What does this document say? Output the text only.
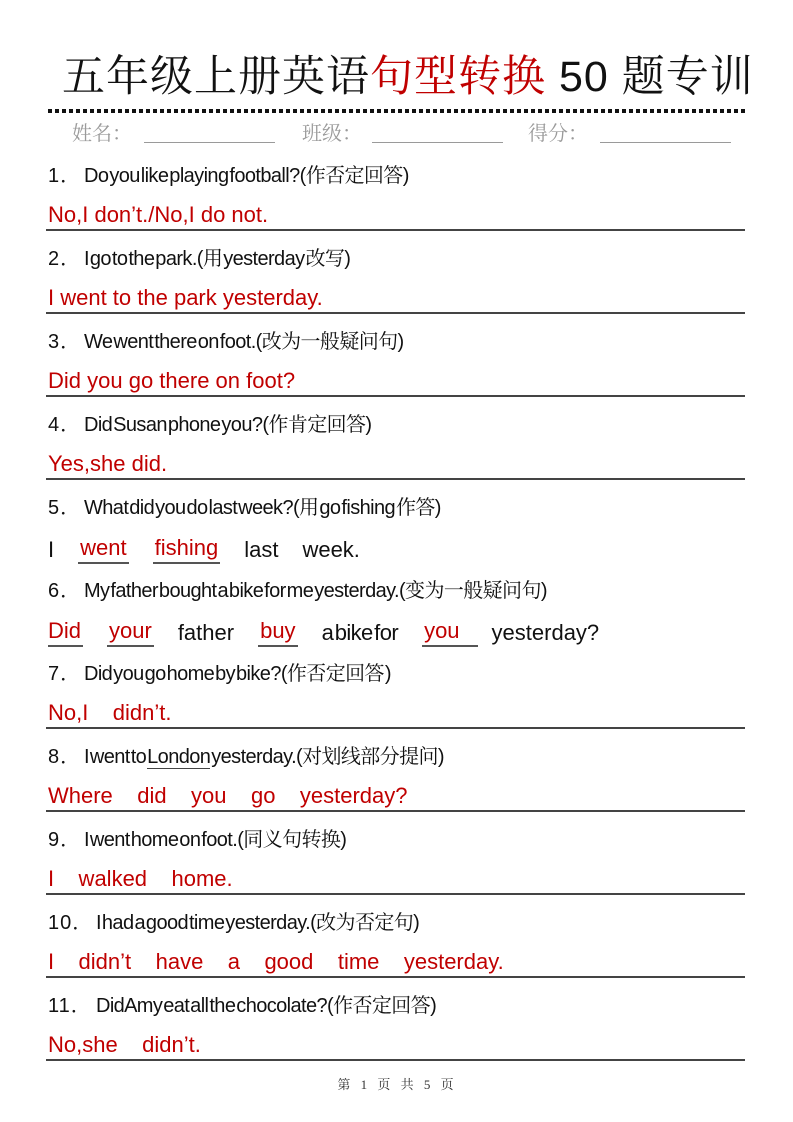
五年级上册英语句型转换 50 题专训
姓名：	班级：	得分：
1． Do you like playing football?(作否定回答)
No,I don’t./No,I do not.
2． I go to the park.(用 yesterday 改写)
I went to the park yesterday.
3． We went there on foot.(改为一般疑问句)
Did you go there on foot?
4． Did Susan phone you?(作肯定回答)
Yes,she did.
5． What did you do last week?(用 go fishing 作答)
I went fishing last week.
6． My father bought a bike for me yesterday.(变为一般疑问句)
Did your father buy a bike for you	yesterday?
7． Did you go home by bike?(作否定回答 )
No,I    didn’t.
8． I went to London yesterday.(对划线部分提问)
Where    did    you    go    yesterday?
9． I went home on foot.(同义句转换)
I    walked    home.
10． I had a good time yesterday.(改为否定句)
I    didn’t    have    a    good    time    yesterday.
11． Did Amy eat all the chocolate?(作否定回答)
No,she    didn’t.
第 1 页 共 5 页
